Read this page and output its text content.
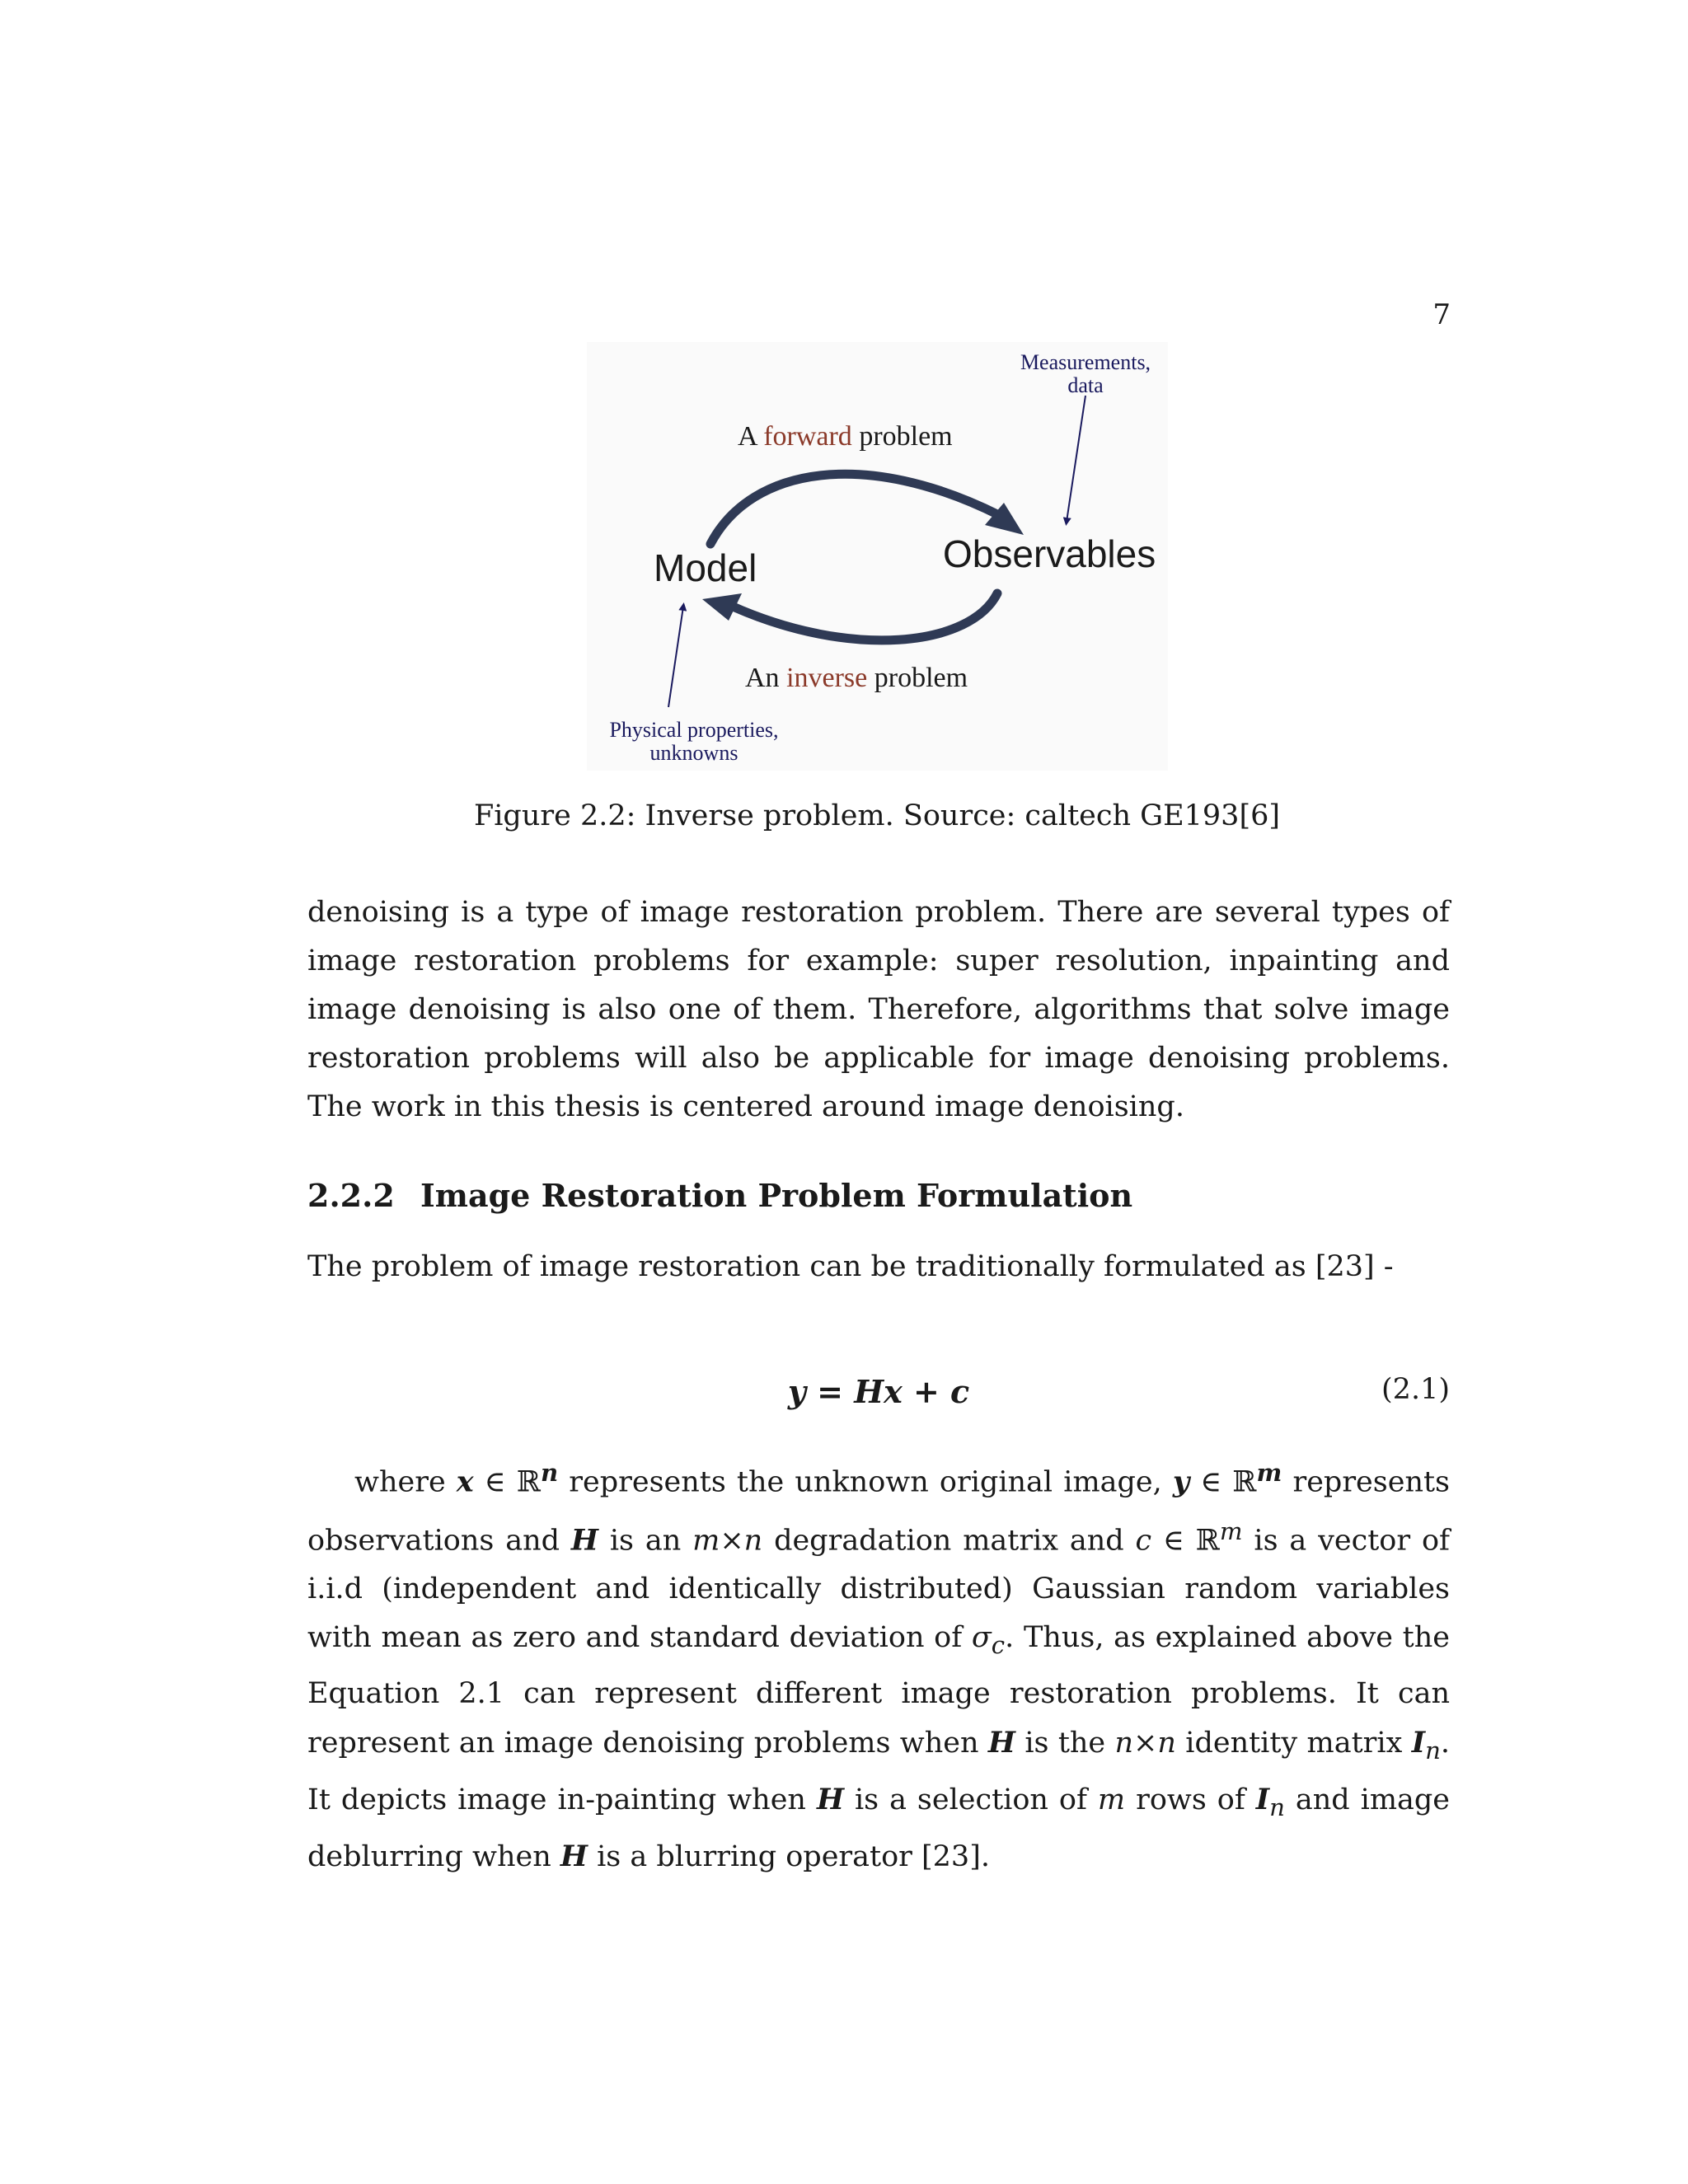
7
A forward problem
Model	Observables
An inverse problem
Measurements,
data
Physical properties,
unknowns
Figure 2.2: Inverse problem. Source: caltech GE193[6]

denoising is a type of image restoration problem. There are several types of image restoration problems for example: super resolution, inpainting and image denoising is also one of them. Therefore, algorithms that solve image restoration problems will also be applicable for image denoising problems. The work in this thesis is centered around image denoising.

2.2.2 Image Restoration Problem Formulation

The problem of image restoration can be traditionally formulated as [23] -

y = Hx + c	(2.1)

where x ∈ ℝ$^n$ represents the unknown original image, y ∈ ℝ$^m$ represents observations and H is an m×n degradation matrix and c ∈ ℝ$^m$ is a vector of i.i.d (independent and identically distributed) Gaussian random variables with mean as zero and standard deviation of $\sigma_c$. Thus, as explained above the Equation 2.1 can represent different image restoration problems. It can represent an image denoising problems when H is the n×n identity matrix $I_n$. It depicts image in-painting when H is a selection of m rows of $I_n$ and image deblurring when H is a blurring operator [23].
